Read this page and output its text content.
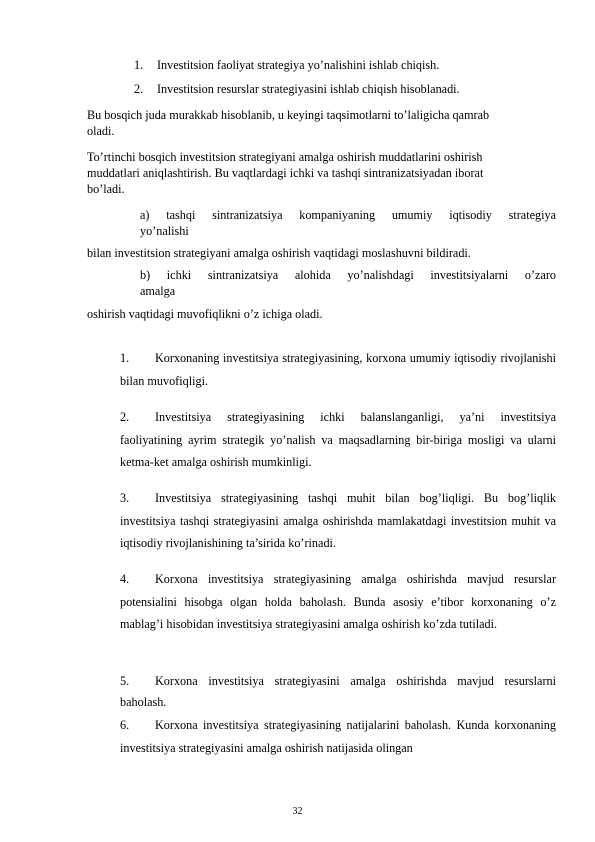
1. Investitsion faoliyat strategiya yo’nalishini ishlab chiqish.
2. Investitsion resurslar strategiyasini ishlab chiqish hisoblanadi.
Bu bosqich juda murakkab hisoblanib, u keyingi taqsimotlarni to’laligicha qamrab
oladi.
To’rtinchi bosqich investitsion strategiyani amalga oshirish muddatlarini oshirish
muddatlari aniqlashtirish. Bu vaqtlardagi ichki va tashqi sintranizatsiyadan iborat
bo’ladi.
a) tashqi sintranizatsiya kompaniyaning umumiy iqtisodiy strategiya
yo’nalishi
bilan investitsion strategiyani amalga oshirish vaqtidagi moslashuvni bildiradi.
b) ichki sintranizatsiya alohida yo’nalishdagi investitsiyalarni o’zaro
amalga
oshirish vaqtidagi muvofiqlikni o’z ichiga oladi.
1. Korxonaning investitsiya strategiyasining, korxona umumiy iqtisodiy rivojlanishi bilan muvofiqligi.
2. Investitsiya strategiyasining ichki balanslanganligi, ya’ni investitsiya faoliyatining ayrim strategik yo’nalish va maqsadlarning bir-biriga mosligi va ularni ketma-ket amalga oshirish mumkinligi.
3. Investitsiya strategiyasining tashqi muhit bilan bog’liqligi. Bu bog’liqlik investitsiya tashqi strategiyasini amalga oshirishda mamlakatdagi investitsion muhit va iqtisodiy rivojlanishining ta’sirida ko’rinadi.
4. Korxona investitsiya strategiyasining amalga oshirishda mavjud resurslar potensialini hisobga olgan holda baholash. Bunda asosiy e’tibor korxonaning o’z mablag’i hisobidan investitsiya strategiyasini amalga oshirish ko’zda tutiladi.
5. Korxona investitsiya strategiyasini amalga oshirishda mavjud resurslarni baholash.
6. Korxona investitsiya strategiyasining natijalarini baholash. Kunda korxonaning investitsiya strategiyasini amalga oshirish natijasida olingan
32
